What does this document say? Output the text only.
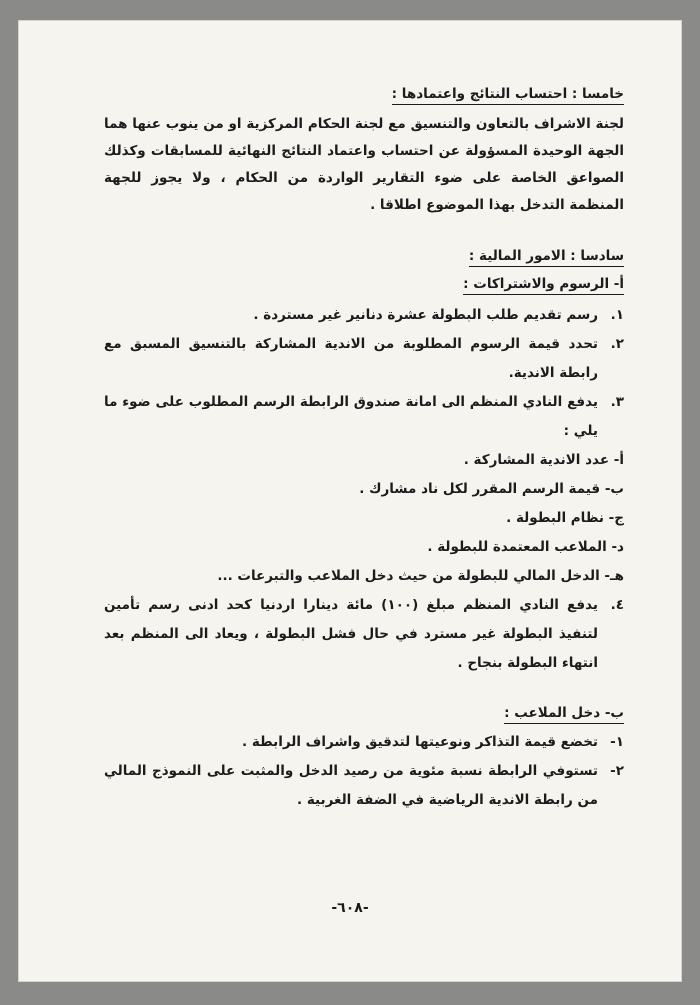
خامسا : احتساب النتائج واعتمادها :

لجنة الاشراف بالتعاون والتنسيق مع لجنة الحكام المركزية او من ينوب عنها هما الجهة الوحيدة المسؤولة عن احتساب واعتماد النتائج النهائية للمسابقات وكذلك الصواعق الخاصة على ضوء التقارير الواردة من الحكام ، ولا يجوز للجهة المنظمة التدخل بهذا الموضوع اطلاقا .

سادسا : الامور المالية :
أ- الرسوم والاشتراكات :
١.
رسم تقديم طلب البطولة عشرة دنانير غير مستردة .
٢.
تحدد قيمة الرسوم المطلوبة من الاندية المشاركة بالتنسيق المسبق مع رابطة الاندية.
٣.
يدفع النادي المنظم الى امانة صندوق الرابطة الرسم المطلوب على ضوء ما يلي :
أ- عدد الاندية المشاركة .
ب- قيمة الرسم المقرر لكل ناد مشارك .
ج- نظام البطولة .
د- الملاعب المعتمدة للبطولة .
هـ- الدخل المالي للبطولة من حيث دخل الملاعب والتبرعات ...
٤.
يدفع النادي المنظم مبلغ (١٠٠) مائة دينارا اردنيا كحد ادنى رسم تأمين لتنفيذ البطولة غير مسترد في حال فشل البطولة ، ويعاد الى المنظم بعد انتهاء البطولة بنجاح .
ب- دخل الملاعب :
١-
تخضع قيمة التذاكر ونوعيتها لتدقيق واشراف الرابطة .
٢-
تستوفي الرابطة نسبة مئوية من رصيد الدخل والمثبت على النموذج المالي من رابطة الاندية الرياضية في الضفة الغربية .
-٦٠٨-
